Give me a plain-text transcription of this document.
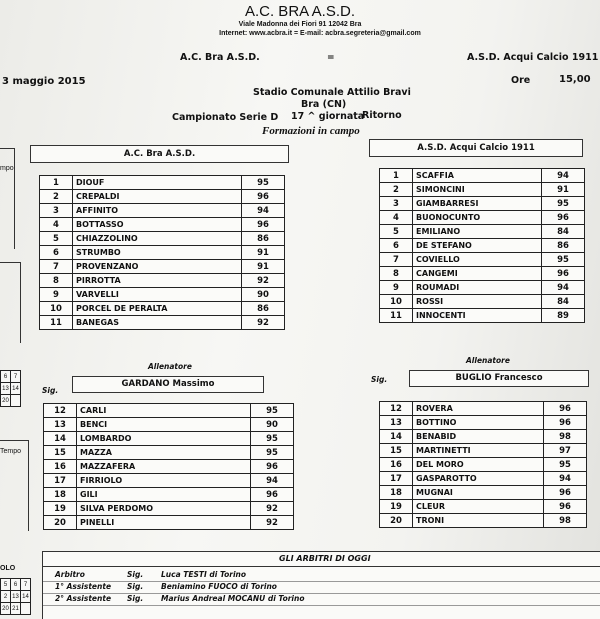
A.C. BRA A.S.D.
Viale Madonna dei Fiori 91 12042 Bra
Internet: www.acbra.it = E-mail: acbra.segreteria@gmail.com
A.C. Bra A.S.D.	=	A.S.D. Acqui Calcio 1911
3 maggio 2015	Ore	15,00
Stadio Comunale Attilio Bravi
Bra (CN)
Campionato Serie D 17 ^ giornata
Ritorno
Formazioni in campo
A.C. Bra A.S.D.
A.S.D. Acqui Calcio 1911
1	DIOUF	95
2	CREPALDI	96
3	AFFINITO	94
4	BOTTASSO	96
5	CHIAZZOLINO	86
6	STRUMBO	91
7	PROVENZANO	91
8	PIRROTTA	92
9	VARVELLI	90
10	PORCEL DE PERALTA	86
11	BANEGAS	92
1	SCAFFIA	94
2	SIMONCINI	91
3	GIAMBARRESI	95
4	BUONOCUNTO	96
5	EMILIANO	84
6	DE STEFANO	86
7	COVIELLO	95
8	CANGEMI	96
9	ROUMADI	94
10	ROSSI	84
11	INNOCENTI	89
Allenatore
Sig.
GARDANO Massimo
Allenatore
Sig.	BUGLIO Francesco
12	CARLI	95
13	BENCI	90
14	LOMBARDO	95
15	MAZZA	95
16	MAZZAFERA	96
17	FIRRIOLO	94
18	GILI	96
19	SILVA PERDOMO	92
20	PINELLI	92
12	ROVERA	96
13	BOTTINO	96
14	BENABID	98
15	MARTINETTI	97
16	DEL MORO	95
17	GASPAROTTO	94
18	MUGNAI	96
19	CLEUR	96
20	TRONI	98
GLI ARBITRI DI OGGI
Arbitro	Sig. Luca TESTI di Torino
1° Assistente Sig. Beniamino FUOCO di Torino
2° Assistente Sig. Marius Andreal MOCANU di Torino
mpo
6	7
13	14
20	
Tempo
OLO
5	6	7
2	13	14
20	21	
